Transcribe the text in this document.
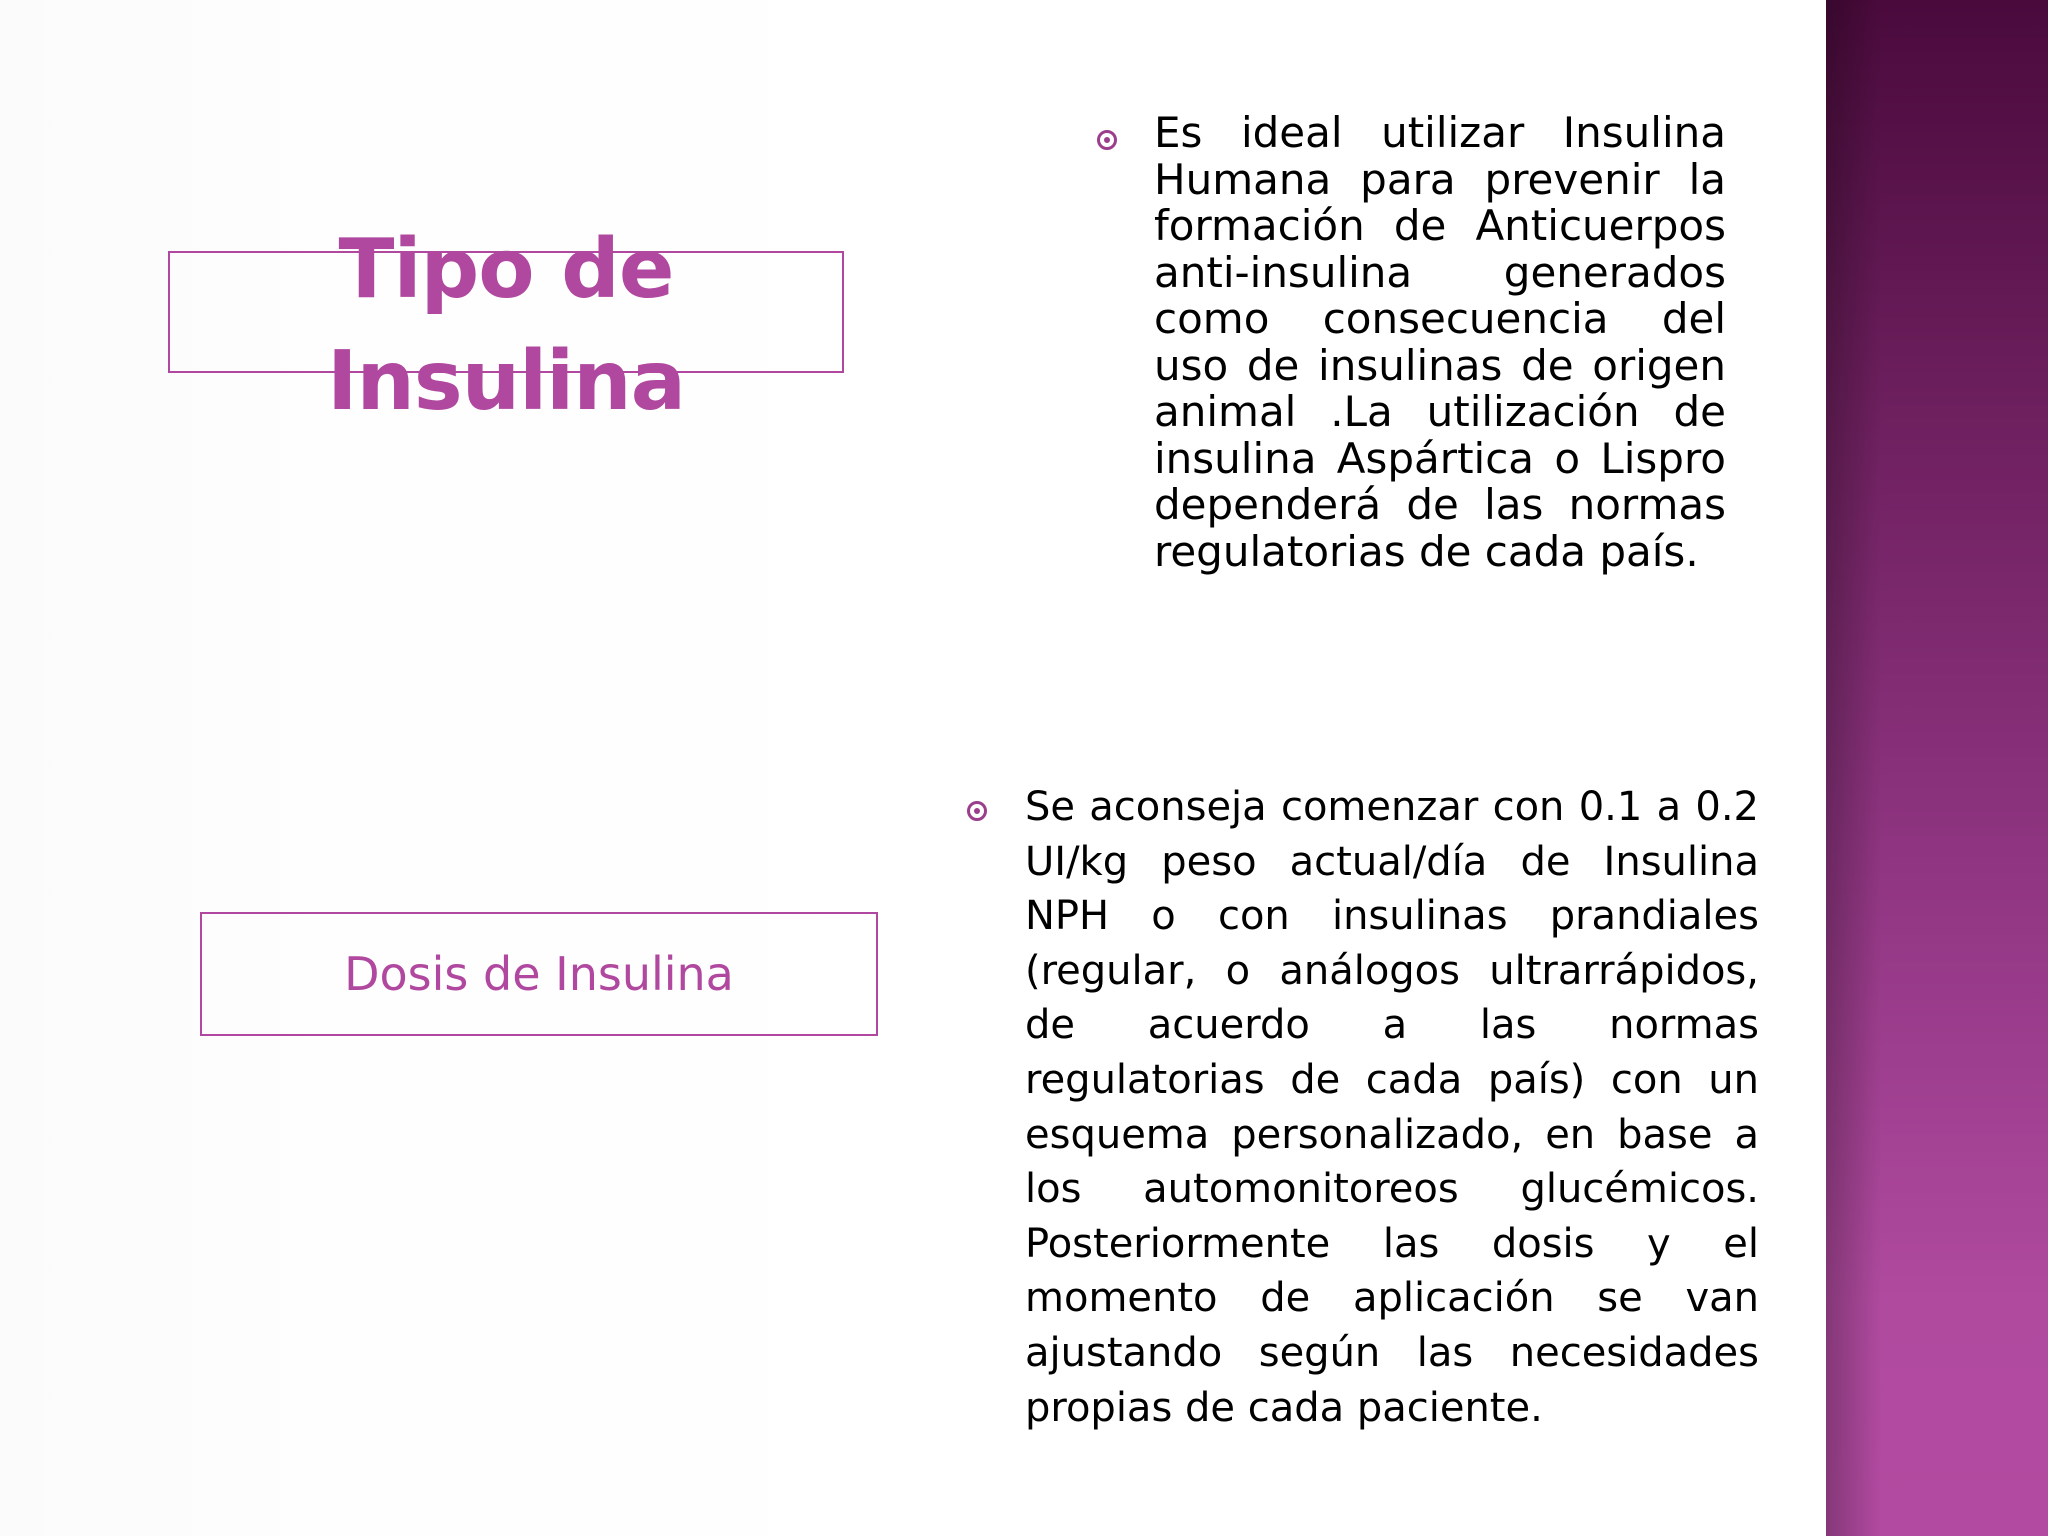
Tipo de Insulina
Dosis de Insulina
Es ideal utilizar Insulina Humana para prevenir la formación de Anticuerpos anti-insulina generados como consecuencia del uso de insulinas de origen animal .La utilización de insulina Aspártica o Lispro dependerá de las normas regulatorias de cada país.
Se aconseja comenzar con 0.1 a 0.2 UI/kg peso actual/día de Insulina NPH o con insulinas prandiales (regular, o análogos ultrarrápidos, de acuerdo a las normas regulatorias de cada país) con un esquema personalizado, en base a los automonitoreos glucémicos. Posteriormente las dosis y el momento de aplicación se van ajustando según las necesidades propias de cada paciente.
